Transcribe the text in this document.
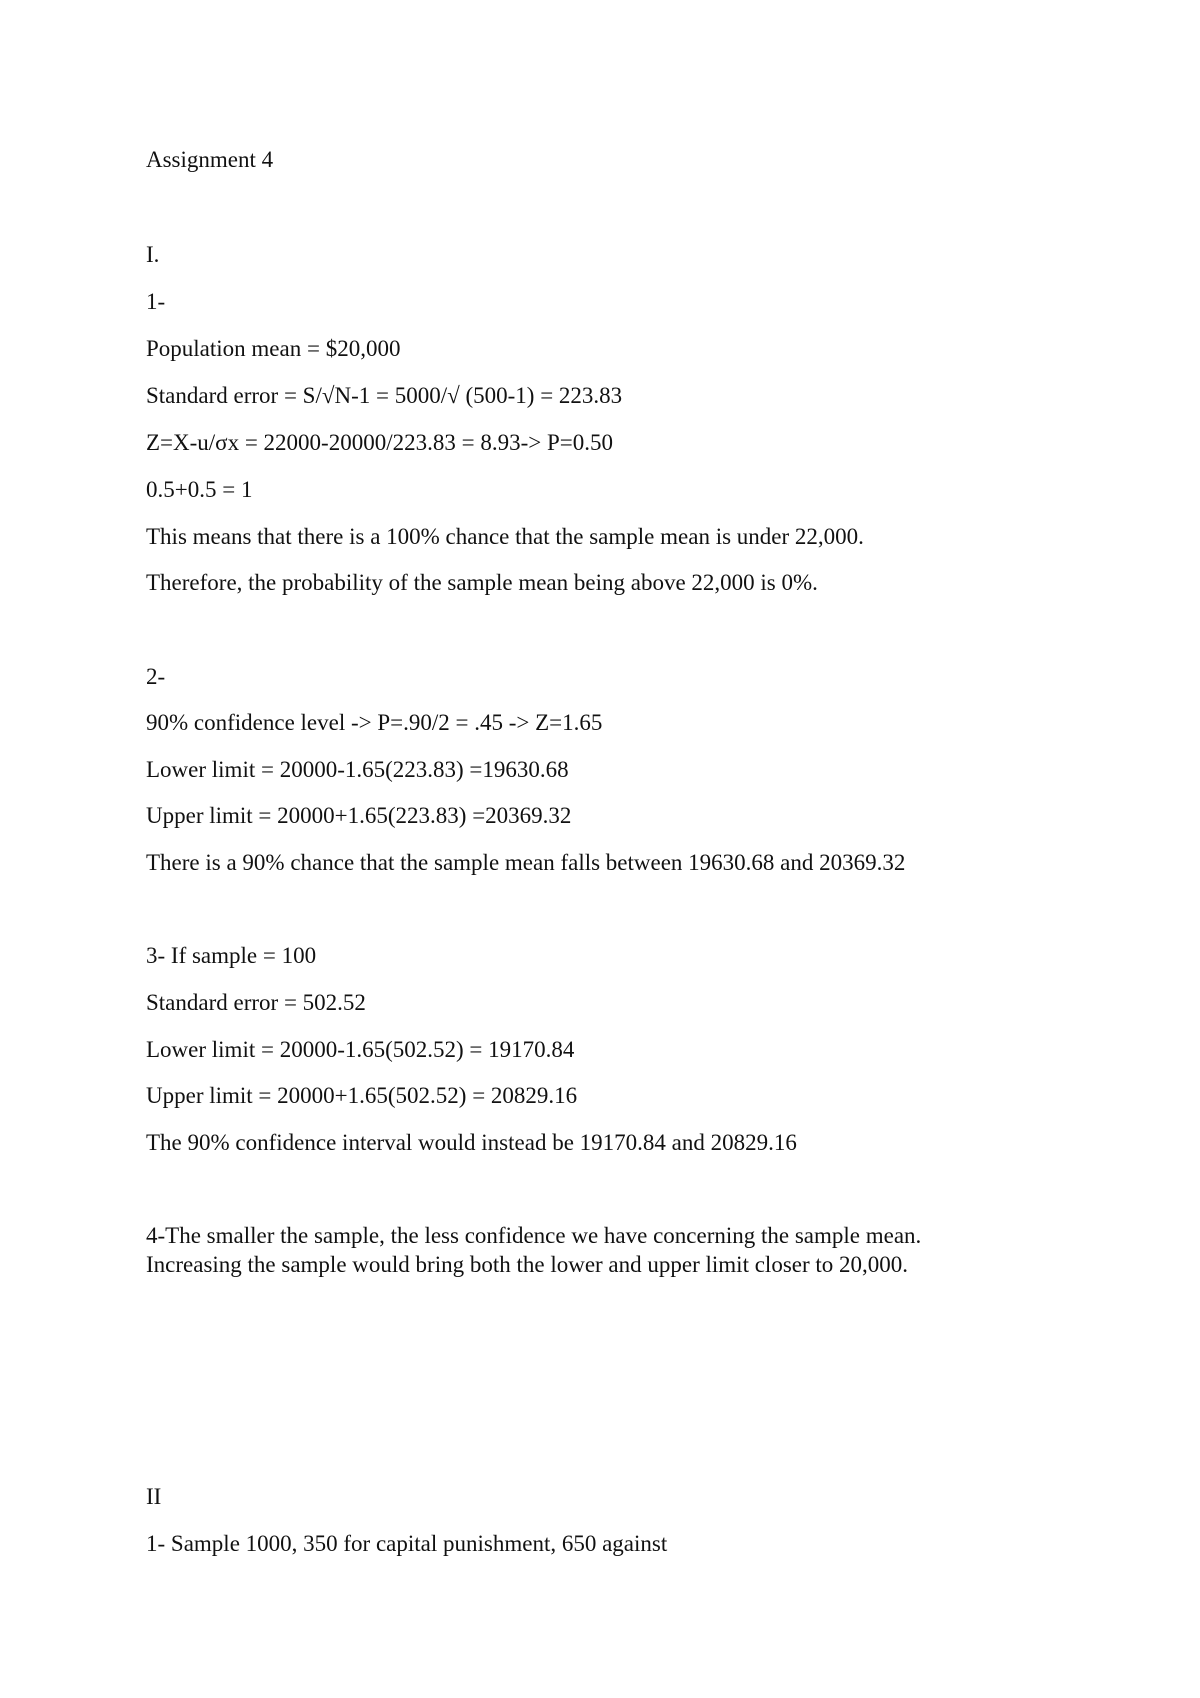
Assignment 4
I.
1-
Population mean = $20,000
Standard error = S/√N-1 = 5000/√ (500-1) = 223.83
Z=X-u/σx = 22000-20000/223.83 = 8.93-> P=0.50
0.5+0.5 = 1
This means that there is a 100% chance that the sample mean is under 22,000.
Therefore, the probability of the sample mean being above 22,000 is 0%.
2-
90% confidence level -> P=.90/2 = .45 -> Z=1.65
Lower limit = 20000-1.65(223.83) =19630.68
Upper limit = 20000+1.65(223.83) =20369.32
There is a 90% chance that the sample mean falls between 19630.68 and 20369.32
3- If sample = 100
Standard error = 502.52
Lower limit = 20000-1.65(502.52) = 19170.84
Upper limit = 20000+1.65(502.52) = 20829.16
The 90% confidence interval would instead be 19170.84 and 20829.16
4-The smaller the sample, the less confidence we have concerning the sample mean.
Increasing the sample would bring both the lower and upper limit closer to 20,000.
II
1- Sample 1000, 350 for capital punishment, 650 against
